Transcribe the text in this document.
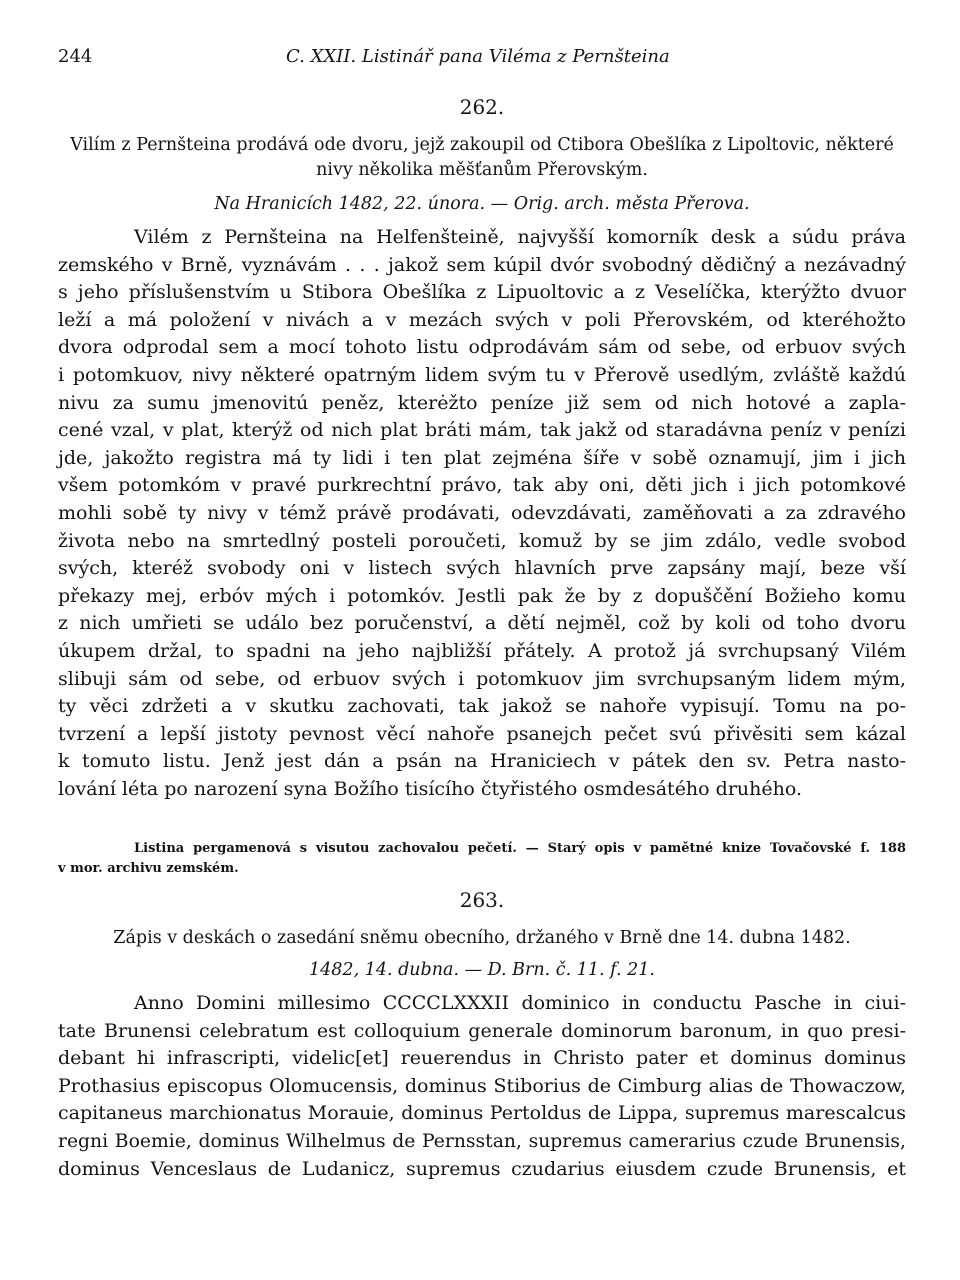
244	C. XXII. Listinář pana Viléma z Pernšteina
262.
Vilím z Pernšteina prodává ode dvoru, jejž zakoupil od Ctibora Obešlíka z Lipoltovic, některé
nivy několika měšťanům Přerovským.
Na Hranicích 1482, 22. února. — Orig. arch. města Přerova.
Vilém z Pernšteina na Helfenšteině, najvyšší komorník desk a súdu práva
zemského v Brně, vyznávám . . . jakož sem kúpil dvór svobodný dědičný a nezávadný
s jeho příslušenstvím u Stibora Obešlíka z Lipuoltovic a z Veselíčka, kterýžto dvuor
leží a má položení v nivách a v mezách svých v poli Přerovském, od kteréhožto
dvora odprodal sem a mocí tohoto listu odprodávám sám od sebe, od erbuov svých
i potomkuov, nivy některé opatrným lidem svým tu v Přerově usedlým, zvláště každú
nivu za sumu jmenovitú peněz, kterėžto peníze již sem od nich hotové a zapla-
cené vzal, v plat, kterýž od nich plat bráti mám, tak jakž od staradávna peníz v penízi
jde, jakožto registra má ty lidi i ten plat zejména šíře v sobě oznamují, jim i jich
všem potomkóm v pravé purkrechtní právo, tak aby oni, děti jich i jich potomkové
mohli sobě ty nivy v témž právě prodávati, odevzdávati, zaměňovati a za zdravého
života nebo na smrtedlný posteli poroučeti, komuž by se jim zdálo, vedle svobod
svých, kteréž svobody oni v listech svých hlavních prve zapsány mají, beze vší
překazy mej, erbóv mých i potomkóv. Jestli pak že by z dopuščění Božieho komu
z nich umřieti se událo bez poručenství, a dětí nejměl, což by koli od toho dvoru
úkupem držal, to spadni na jeho najbližší přátely. A protož já svrchupsaný Vilém
slibuji sám od sebe, od erbuov svých i potomkuov jim svrchupsaným lidem mým,
ty věci zdržeti a v skutku zachovati, tak jakož se nahoře vypisují. Tomu na po-
tvrzení a lepší jistoty pevnost věcí nahoře psanejch pečet svú přivěsiti sem kázal
k tomuto listu. Jenž jest dán a psán na Hraniciech v pátek den sv. Petra nasto-
lování léta po narození syna Božího tisícího čtyřistého osmdesátého druhého.
Listina pergamenová s visutou zachovalou pečetí. — Starý opis v pamětné knize Tovačovské f. 188
v mor. archivu zemském.
263.
Zápis v deskách o zasedání sněmu obecního, držaného v Brně dne 14. dubna 1482.
1482, 14. dubna. — D. Brn. č. 11. f. 21.
Anno Domini millesimo CCCCLXXXII dominico in conductu Pasche in ciui-
tate Brunensi celebratum est colloquium generale dominorum baronum, in quo presi-
debant hi infrascripti, videlic[et] reuerendus in Christo pater et dominus dominus
Prothasius episcopus Olomucensis, dominus Stiborius de Cimburg alias de Thowaczow,
capitaneus marchionatus Morauie, dominus Pertoldus de Lippa, supremus marescalcus
regni Boemie, dominus Wilhelmus de Pernsstan, supremus camerarius czude Brunensis,
dominus Venceslaus de Ludanicz, supremus czudarius eiusdem czude Brunensis, et
